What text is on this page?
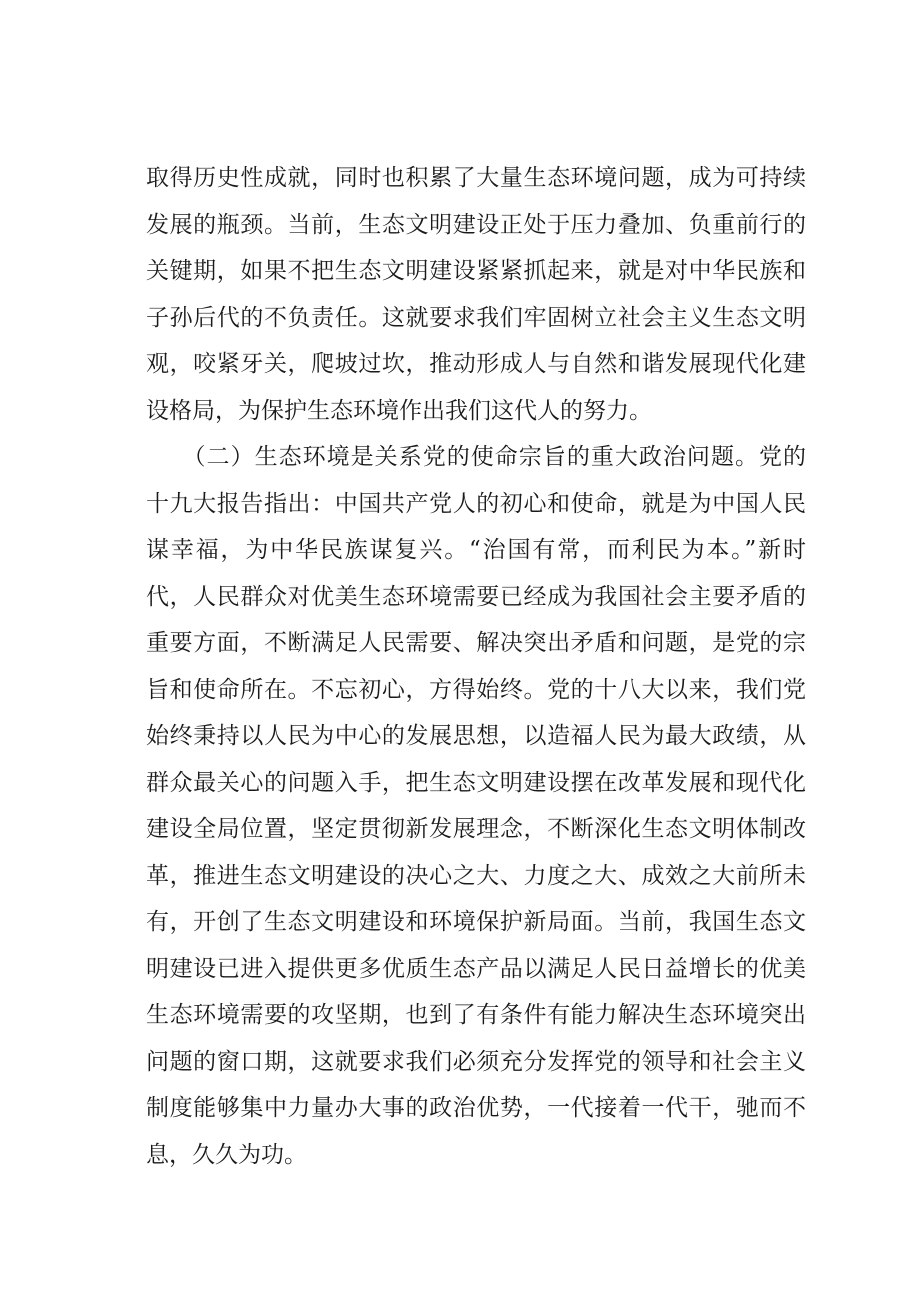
取得历史性成就，同时也积累了大量生态环境问题，成为可持续
发展的瓶颈。当前，生态文明建设正处于压力叠加、负重前行的
关键期，如果不把生态文明建设紧紧抓起来，就是对中华民族和
子孙后代的不负责任。这就要求我们牢固树立社会主义生态文明
观，咬紧牙关，爬坡过坎，推动形成人与自然和谐发展现代化建
设格局，为保护生态环境作出我们这代人的努力。
　　（二）生态环境是关系党的使命宗旨的重大政治问题。党的
十九大报告指出：中国共产党人的初心和使命，就是为中国人民
谋幸福，为中华民族谋复兴。“治国有常，而利民为本。”新时
代，人民群众对优美生态环境需要已经成为我国社会主要矛盾的
重要方面，不断满足人民需要、解决突出矛盾和问题，是党的宗
旨和使命所在。不忘初心，方得始终。党的十八大以来，我们党
始终秉持以人民为中心的发展思想，以造福人民为最大政绩，从
群众最关心的问题入手，把生态文明建设摆在改革发展和现代化
建设全局位置，坚定贯彻新发展理念，不断深化生态文明体制改
革，推进生态文明建设的决心之大、力度之大、成效之大前所未
有，开创了生态文明建设和环境保护新局面。当前，我国生态文
明建设已进入提供更多优质生态产品以满足人民日益增长的优美
生态环境需要的攻坚期，也到了有条件有能力解决生态环境突出
问题的窗口期，这就要求我们必须充分发挥党的领导和社会主义
制度能够集中力量办大事的政治优势，一代接着一代干，驰而不
息，久久为功。
